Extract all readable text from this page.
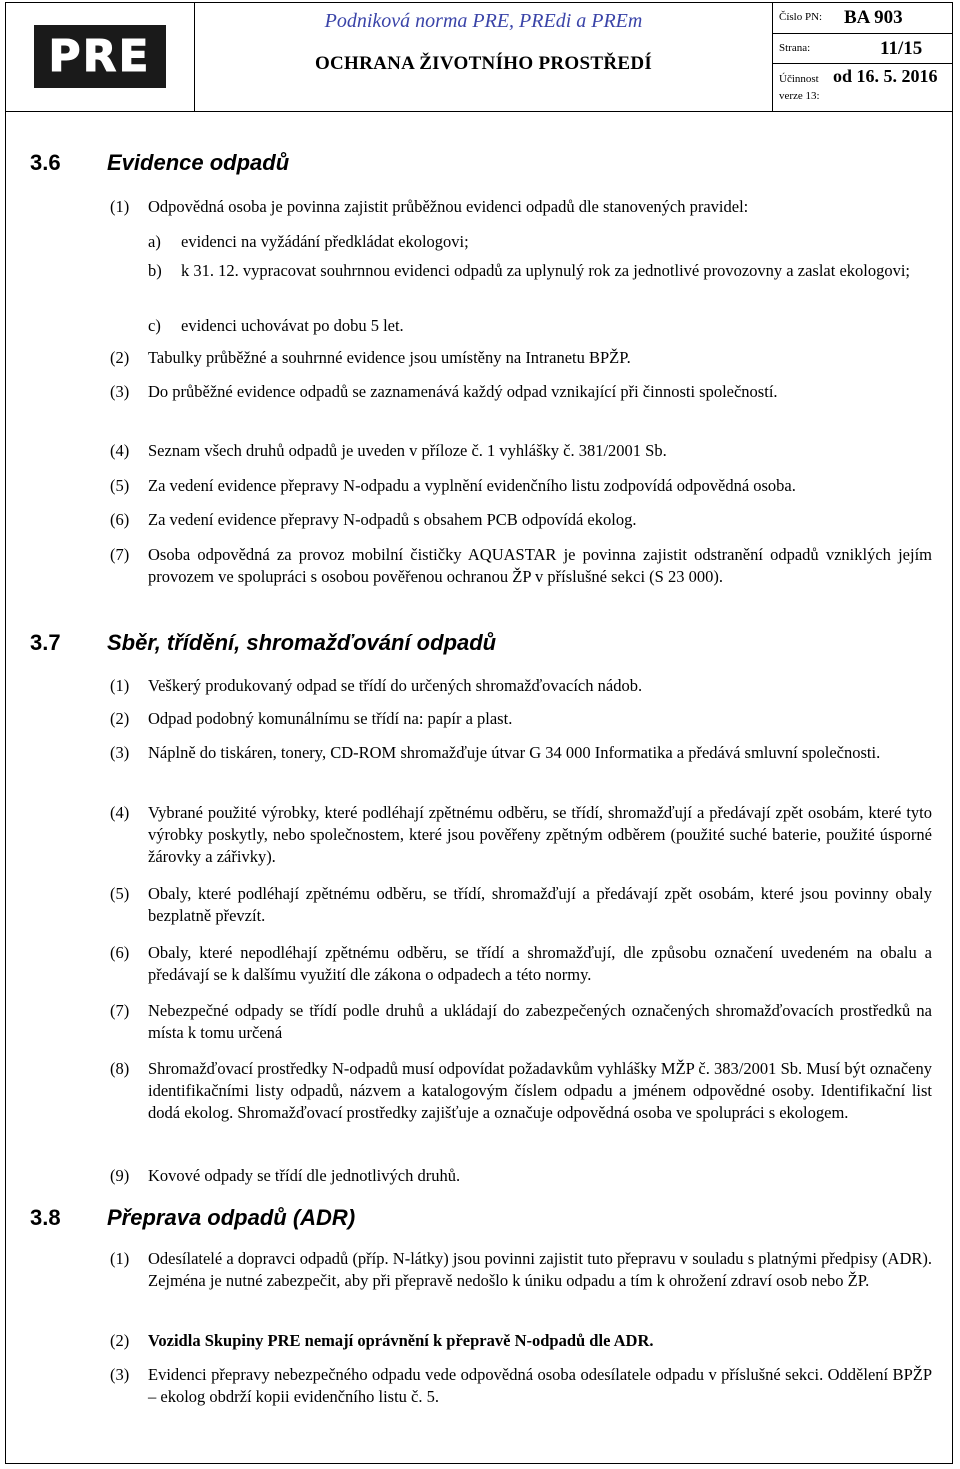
PRE
Podniková norma PRE, PREdi a PREm
OCHRANA ŽIVOTNÍHO PROSTŘEDÍ
Číslo PN: BA 903
Strana:	11/15
Účinnost od 16. 5. 2016
verze 13:
3.6 Evidence odpadů
(1) Odpovědná osoba je povinna zajistit průběžnou evidenci odpadů dle stanovených pravidel:
a) evidenci na vyžádání předkládat ekologovi;
b) k 31. 12. vypracovat souhrnnou evidenci odpadů za uplynulý rok za jednotlivé provozovny a zaslat ekologovi;
c) evidenci uchovávat po dobu 5 let.
(2) Tabulky průběžné a souhrnné evidence jsou umístěny na Intranetu BPŽP.
(3) Do průběžné evidence odpadů se zaznamenává každý odpad vznikající při činnosti společností.
(4) Seznam všech druhů odpadů je uveden v příloze č. 1 vyhlášky č. 381/2001 Sb.
(5) Za vedení evidence přepravy N-odpadu a vyplnění evidenčního listu zodpovídá odpovědná osoba.
(6) Za vedení evidence přepravy N-odpadů s obsahem PCB odpovídá ekolog.
(7) Osoba odpovědná za provoz mobilní čističky AQUASTAR je povinna zajistit odstranění odpadů vzniklých jejím provozem ve spolupráci s osobou pověřenou ochranou ŽP v příslušné sekci (S 23 000).
3.7 Sběr, třídění, shromažďování odpadů
(1) Veškerý produkovaný odpad se třídí do určených shromažďovacích nádob.
(2) Odpad podobný komunálnímu se třídí na: papír a plast.
(3) Náplně do tiskáren, tonery, CD-ROM shromažďuje útvar G 34 000 Informatika a předává smluvní společnosti.
(4) Vybrané použité výrobky, které podléhají zpětnému odběru, se třídí, shromažďují a předávají zpět osobám, které tyto výrobky poskytly, nebo společnostem, které jsou pověřeny zpětným odběrem (použité suché baterie, použité úsporné žárovky a zářivky).
(5) Obaly, které podléhají zpětnému odběru, se třídí, shromažďují a předávají zpět osobám, které jsou povinny obaly bezplatně převzít.
(6) Obaly, které nepodléhají zpětnému odběru, se třídí a shromažďují, dle způsobu označení uvedeném na obalu a předávají se k dalšímu využití dle zákona o odpadech a této normy.
(7) Nebezpečné odpady se třídí podle druhů a ukládají do zabezpečených označených shromažďovacích prostředků na místa k tomu určená
(8) Shromažďovací prostředky N-odpadů musí odpovídat požadavkům vyhlášky MŽP č. 383/2001 Sb. Musí být označeny identifikačními listy odpadů, názvem a katalogovým číslem odpadu a jménem odpovědné osoby. Identifikační list dodá ekolog. Shromažďovací prostředky zajišťuje a označuje odpovědná osoba ve spolupráci s ekologem.
(9) Kovové odpady se třídí dle jednotlivých druhů.
3.8 Přeprava odpadů (ADR)
(1) Odesílatelé a dopravci odpadů (příp. N-látky) jsou povinni zajistit tuto přepravu v souladu s platnými předpisy (ADR). Zejména je nutné zabezpečit, aby při přepravě nedošlo k úniku odpadu a tím k ohrožení zdraví osob nebo ŽP.
(2) Vozidla Skupiny PRE nemají oprávnění k přepravě N-odpadů dle ADR.
(3) Evidenci přepravy nebezpečného odpadu vede odpovědná osoba odesílatele odpadu v příslušné sekci. Oddělení BPŽP – ekolog obdrží kopii evidenčního listu č. 5.
